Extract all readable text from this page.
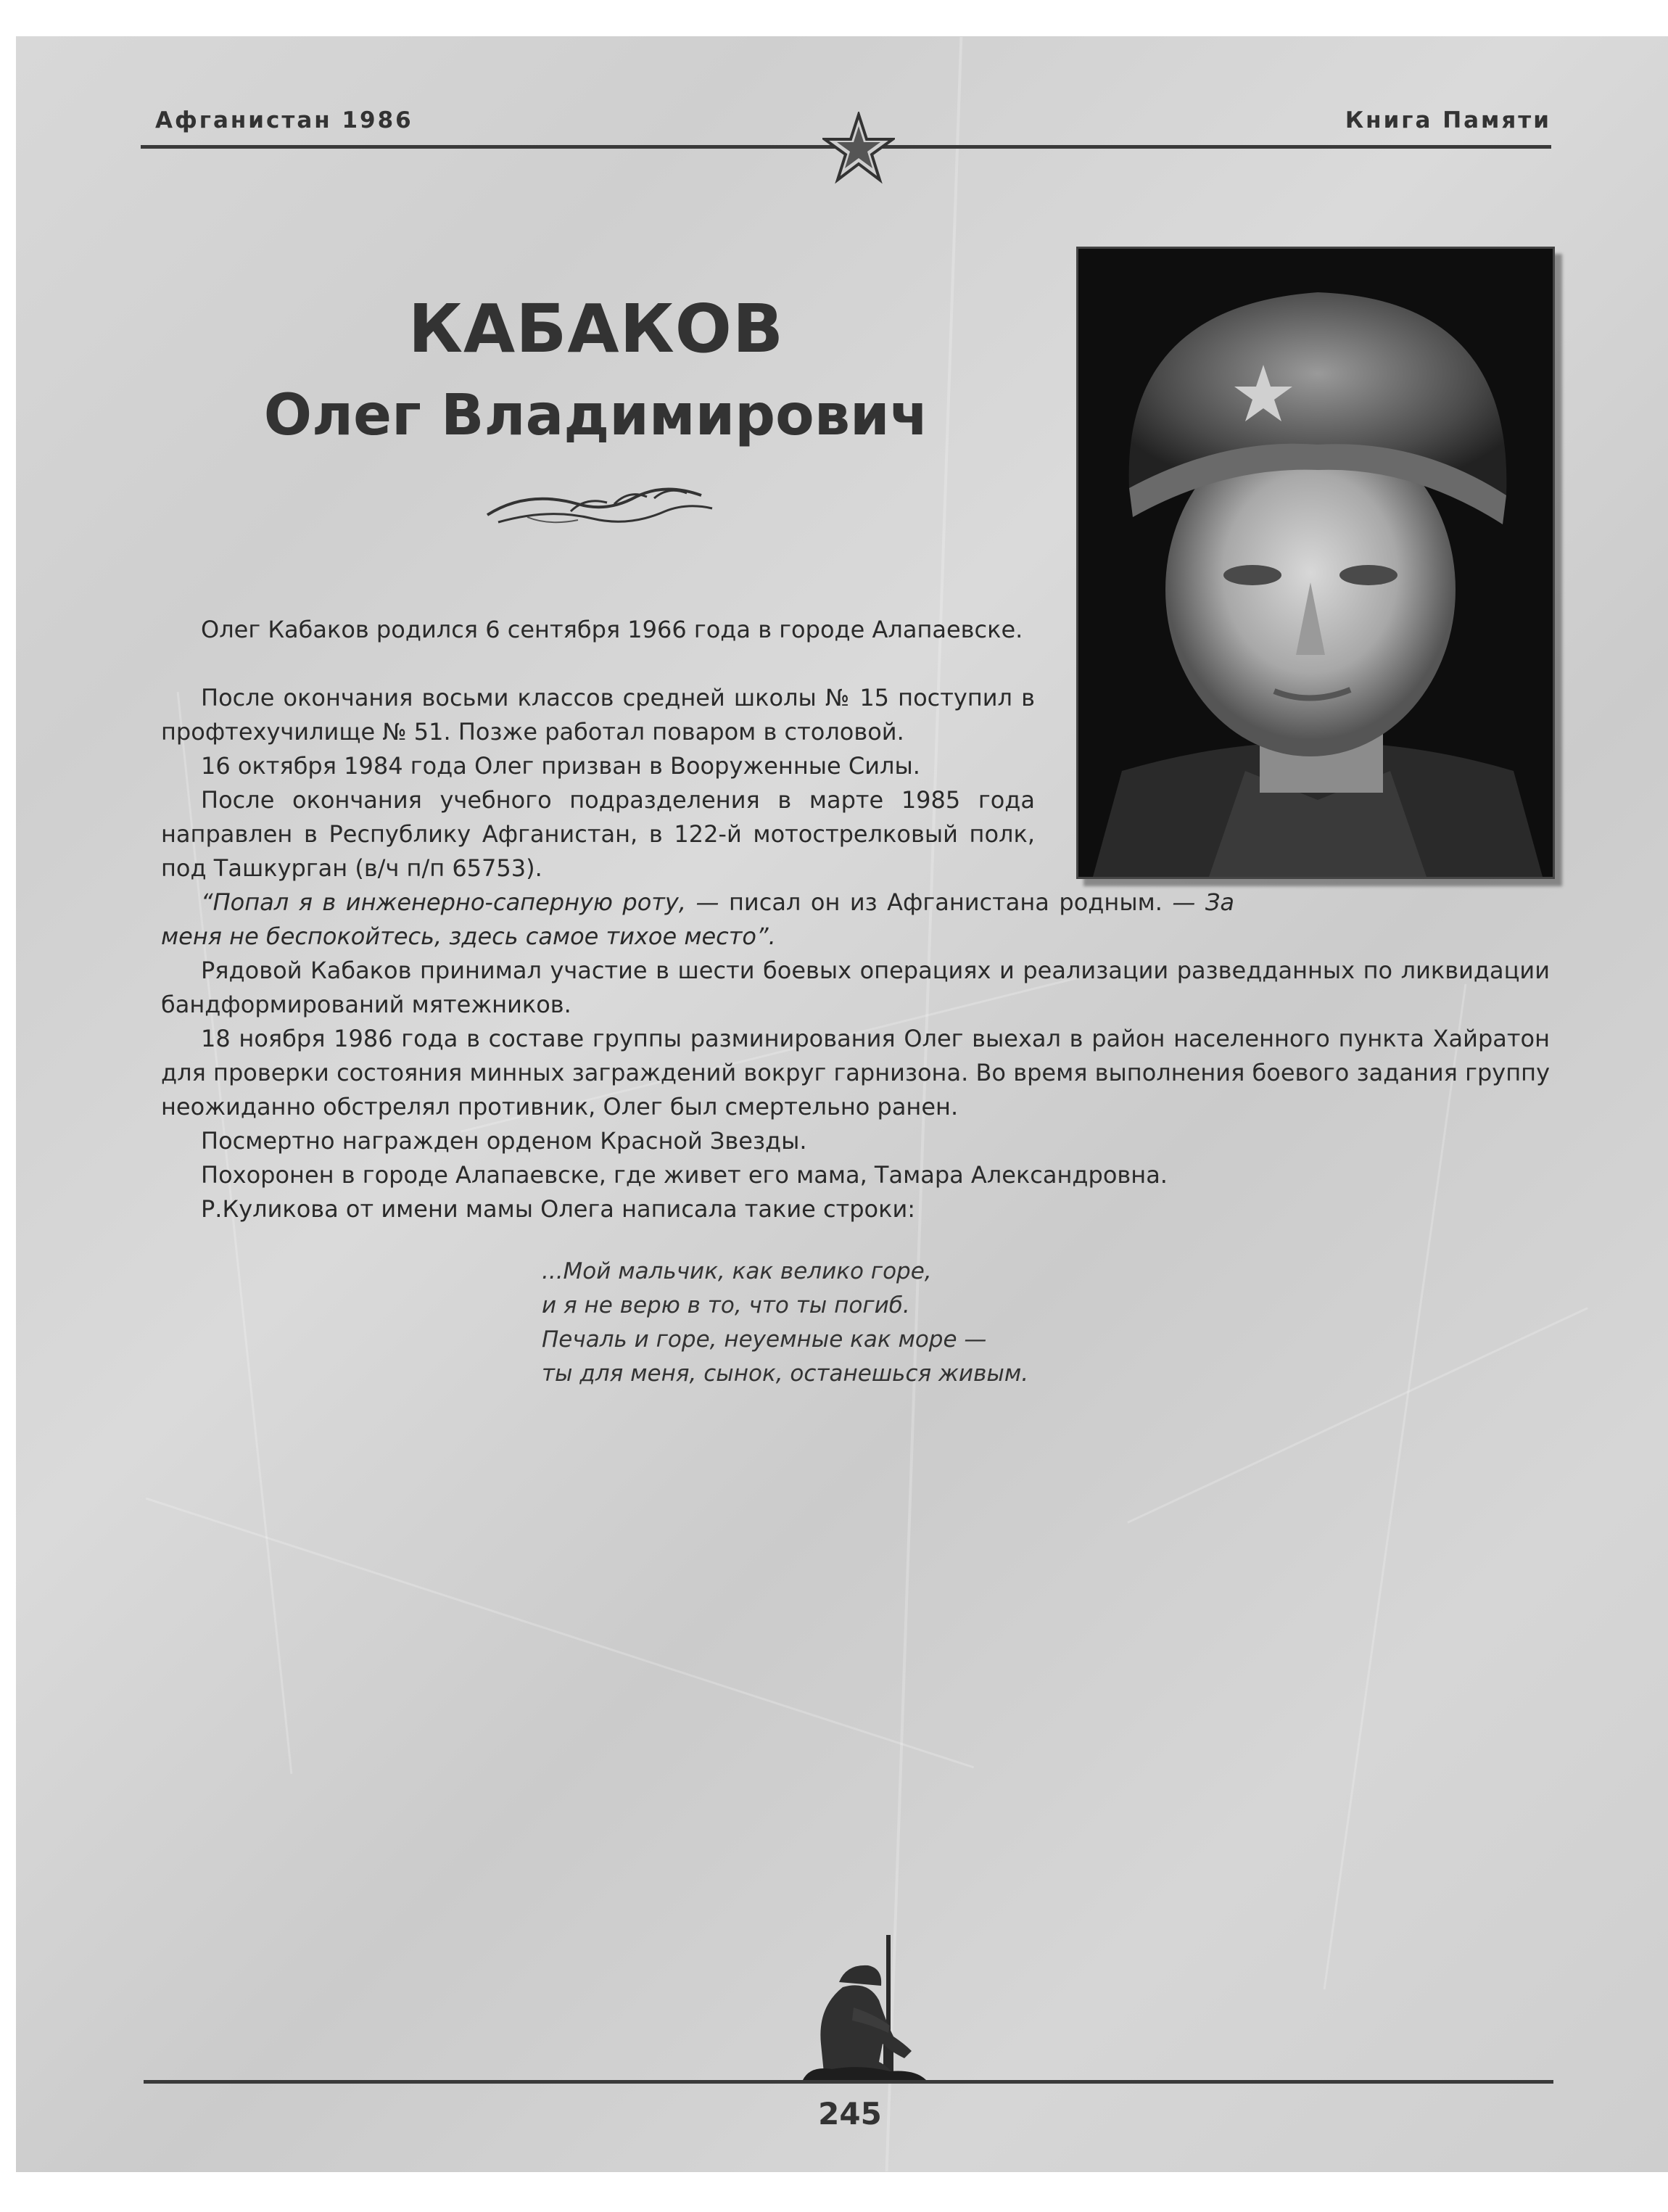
Афганистан 1986	Книга Памяти
КАБАКОВ
Олег Владимирович
Олег Кабаков родился 6 сентября 1966 года в городе Алапаевске.
После окончания восьми классов средней школы № 15 поступил в профтехучилище № 51. Позже работал поваром в столовой.
16 октября 1984 года Олег призван в Вооруженные Силы.
После окончания учебного подразделения в марте 1985 года направлен в Республику Афганистан, в 122-й мотострелковый полк, под Ташкурган (в/ч п/п 65753).
“Попал я в инженерно-саперную роту, — писал он из Афганистана родным. — За меня не беспокойтесь, здесь самое тихое место”.
Рядовой Кабаков принимал участие в шести боевых операциях и реализации разведданных по ликвидации бандформирований мятежников.
18 ноября 1986 года в составе группы разминирования Олег выехал в район населенного пункта Хайратон для проверки состояния минных заграждений вокруг гарнизона. Во время выполнения боевого задания группу неожиданно обстрелял противник, Олег был смертельно ранен.
Посмертно награжден орденом Красной Звезды.
Похоронен в городе Алапаевске, где живет его мама, Тамара Александровна.
Р.Куликова от имени мамы Олега написала такие строки:
...Мой мальчик, как велико горе,
и я не верю в то, что ты погиб.
Печаль и горе, неуемные как море —
ты для меня, сынок, останешься живым.
245
